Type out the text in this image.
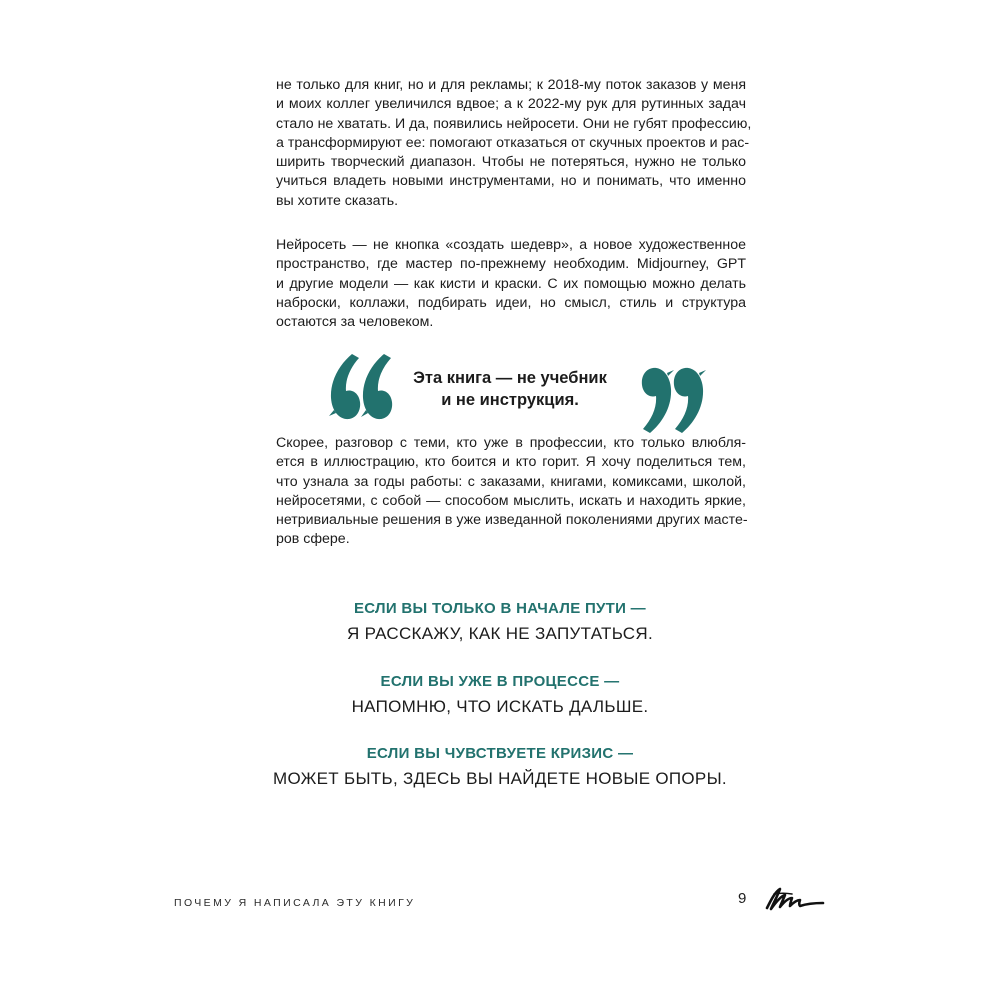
не только для книг, но и для рекламы; к 2018-му поток заказов у меня
и моих коллег увеличился вдвое; а к 2022-му рук для рутинных задач
стало не хватать. И да, появились нейросети. Они не губят профессию,
а трансформируют ее: помогают отказаться от скучных проектов и рас-
ширить творческий диапазон. Чтобы не потеряться, нужно не только
учиться владеть новыми инструментами, но и понимать, что именно
вы хотите сказать.

Нейросеть — не кнопка «создать шедевр», а новое художественное
пространство, где мастер по-прежнему необходим. Midjourney, GPT
и другие модели — как кисти и краски. С их помощью можно делать
наброски, коллажи, подбирать идеи, но смысл, стиль и структура
остаются за человеком.

Эта книга — не учебник
и не инструкция.

Скорее, разговор с теми, кто уже в профессии, кто только влюбля-
ется в иллюстрацию, кто боится и кто горит. Я хочу поделиться тем,
что узнала за годы работы: с заказами, книгами, комиксами, школой,
нейросетями, с собой — способом мыслить, искать и находить яркие,
нетривиальные решения в уже изведанной поколениями других масте-
ров сфере.

ЕСЛИ ВЫ ТОЛЬКО В НАЧАЛЕ ПУТИ —
Я РАССКАЖУ, КАК НЕ ЗАПУТАТЬСЯ.
ЕСЛИ ВЫ УЖЕ В ПРОЦЕССЕ —
НАПОМНЮ, ЧТО ИСКАТЬ ДАЛЬШЕ.
ЕСЛИ ВЫ ЧУВСТВУЕТЕ КРИЗИС —
МОЖЕТ БЫТЬ, ЗДЕСЬ ВЫ НАЙДЕТЕ НОВЫЕ ОПОРЫ.
ПОЧЕМУ Я НАПИСАЛА ЭТУ КНИГУ	9
